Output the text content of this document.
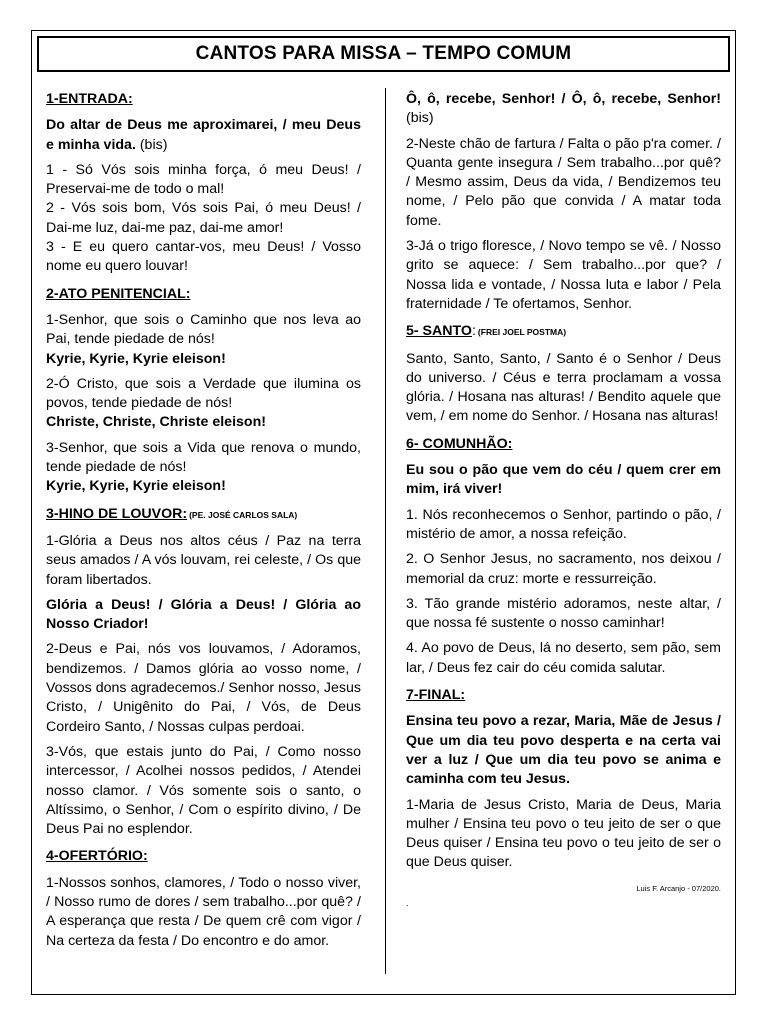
CANTOS PARA MISSA – TEMPO COMUM
1-ENTRADA:
Do altar de Deus me aproximarei, / meu Deus e minha vida. (bis)
1 - Só Vós sois minha força, ó meu Deus! / Preservai-me de todo o mal!
2 - Vós sois bom, Vós sois Pai, ó meu Deus! / Dai-me luz, dai-me paz, dai-me amor!
3 - E eu quero cantar-vos, meu Deus! / Vosso nome eu quero louvar!
2-ATO PENITENCIAL:
1-Senhor, que sois o Caminho que nos leva ao Pai, tende piedade de nós!
Kyrie, Kyrie, Kyrie eleison!
2-Ó Cristo, que sois a Verdade que ilumina os povos, tende piedade de nós!
Christe, Christe, Christe eleison!
3-Senhor, que sois a Vida que renova o mundo, tende piedade de nós!
Kyrie, Kyrie, Kyrie eleison!
3-HINO DE LOUVOR: (PE. JOSÉ CARLOS SALA)
1-Glória a Deus nos altos céus / Paz na terra seus amados / A vós louvam, rei celeste, / Os que foram libertados.
Glória a Deus! / Glória a Deus! / Glória ao Nosso Criador!
2-Deus e Pai, nós vos louvamos, / Adoramos, bendizemos. / Damos glória ao vosso nome, / Vossos dons agradecemos./ Senhor nosso, Jesus Cristo, / Unigênito do Pai, / Vós, de Deus Cordeiro Santo, / Nossas culpas perdoai.
3-Vós, que estais junto do Pai, / Como nosso intercessor, / Acolhei nossos pedidos, / Atendei nosso clamor. / Vós somente sois o santo, o Altíssimo, o Senhor, / Com o espírito divino, / De Deus Pai no esplendor.
4-OFERTÓRIO:
1-Nossos sonhos, clamores, / Todo o nosso viver, / Nosso rumo de dores / sem trabalho...por quê? / A esperança que resta / De quem crê com vigor / Na certeza da festa / Do encontro e do amor.
Ô, ô, recebe, Senhor! / Ô, ô, recebe, Senhor! (bis)
2-Neste chão de fartura / Falta o pão p'ra comer. / Quanta gente insegura / Sem trabalho...por quê? / Mesmo assim, Deus da vida, / Bendizemos teu nome, / Pelo pão que convida / A matar toda fome.
3-Já o trigo floresce, / Novo tempo se vê. / Nosso grito se aquece: / Sem trabalho...por que? / Nossa lida e vontade, / Nossa luta e labor / Pela fraternidade / Te ofertamos, Senhor.
5- SANTO: (FREI JOEL POSTMA)
Santo, Santo, Santo, / Santo é o Senhor / Deus do universo. / Céus e terra proclamam a vossa glória. / Hosana nas alturas! / Bendito aquele que vem, / em nome do Senhor. / Hosana nas alturas!
6- COMUNHÃO:
Eu sou o pão que vem do céu / quem crer em mim, irá viver!
1. Nós reconhecemos o Senhor, partindo o pão, / mistério de amor, a nossa refeição.
2. O Senhor Jesus, no sacramento, nos deixou / memorial da cruz: morte e ressurreição.
3. Tão grande mistério adoramos, neste altar, / que nossa fé sustente o nosso caminhar!
4. Ao povo de Deus, lá no deserto, sem pão, sem lar, / Deus fez cair do céu comida salutar.
7-FINAL:
Ensina teu povo a rezar, Maria, Mãe de Jesus / Que um dia teu povo desperta e na certa vai ver a luz / Que um dia teu povo se anima e caminha com teu Jesus.
1-Maria de Jesus Cristo, Maria de Deus, Maria mulher / Ensina teu povo o teu jeito de ser o que Deus quiser / Ensina teu povo o teu jeito de ser o que Deus quiser.
Luis F. Arcanjo - 07/2020.
.
